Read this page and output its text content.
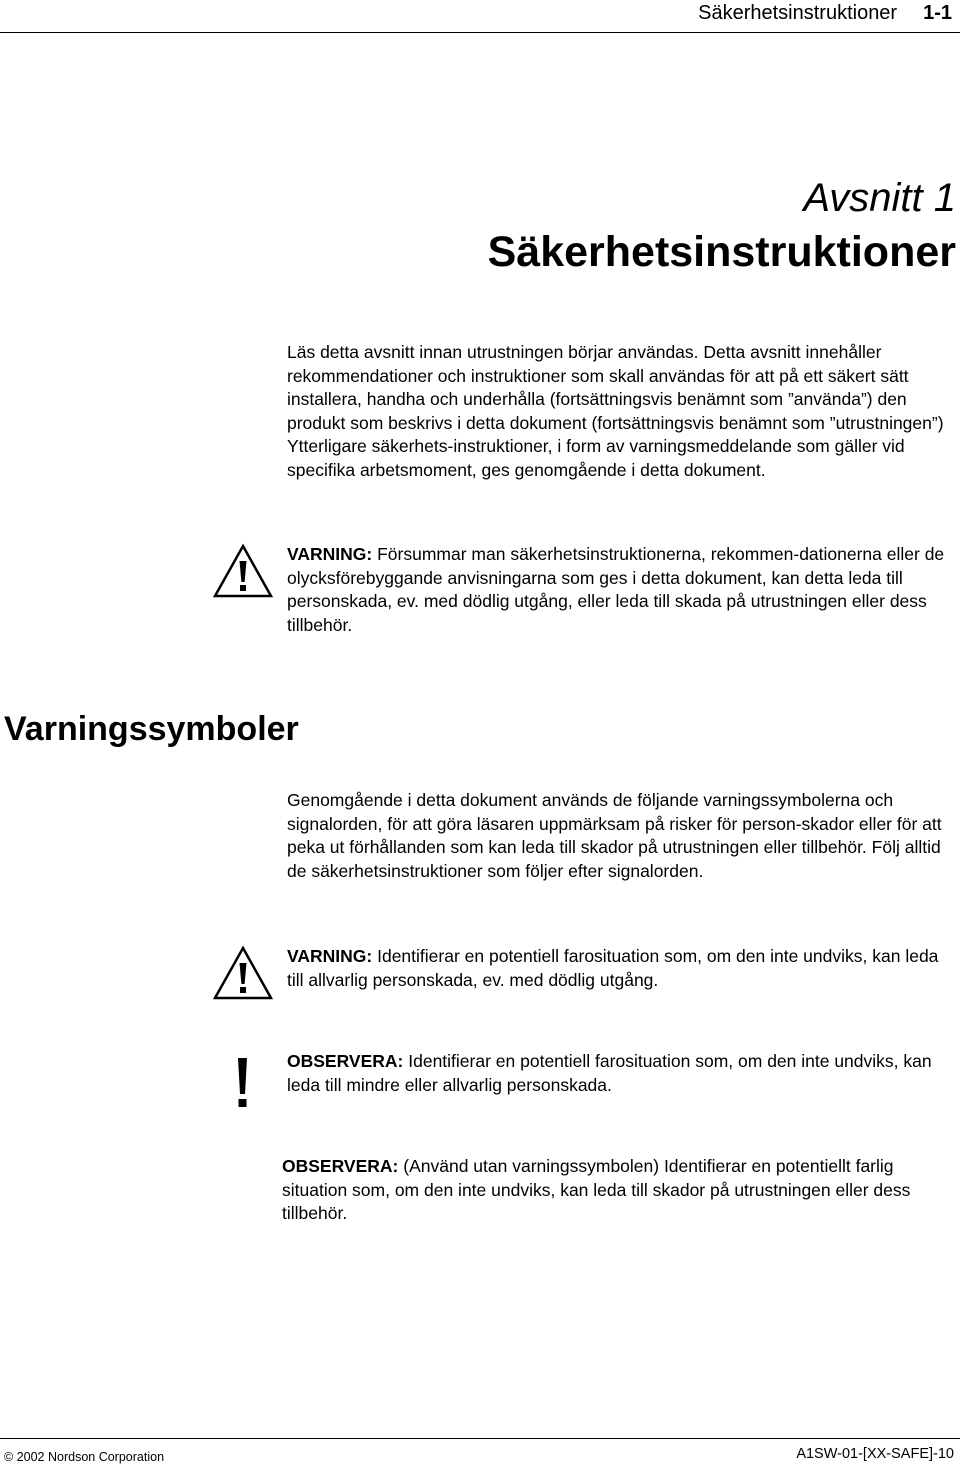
Säkerhetsinstruktioner 1-1
Avsnitt 1
Säkerhetsinstruktioner
Läs detta avsnitt innan utrustningen börjar användas. Detta avsnitt innehåller rekommendationer och instruktioner som skall användas för att på ett säkert sätt installera, handha och underhålla (fortsättningsvis benämnt som ”använda”) den produkt som beskrivs i detta dokument (fortsättningsvis benämnt som ”utrustningen”) Ytterligare säkerhets-instruktioner, i form av varningsmeddelande som gäller vid specifika arbetsmoment, ges genomgående i detta dokument.
VARNING: Försummar man säkerhetsinstruktionerna, rekommen-dationerna eller de olycksförebyggande anvisningarna som ges i detta dokument, kan detta leda till personskada, ev. med dödlig utgång, eller leda till skada på utrustningen eller dess tillbehör.
Varningssymboler
Genomgående i detta dokument används de följande varningssymbolerna och signalorden, för att göra läsaren uppmärksam på risker för person-skador eller för att peka ut förhållanden som kan leda till skador på utrustningen eller tillbehör. Följ alltid de säkerhetsinstruktioner som följer efter signalorden.
VARNING: Identifierar en potentiell farosituation som, om den inte undviks, kan leda till allvarlig personskada, ev. med dödlig utgång.
OBSERVERA: Identifierar en potentiell farosituation som, om den inte undviks, kan leda till mindre eller allvarlig personskada.
OBSERVERA: (Använd utan varningssymbolen) Identifierar en potentiellt farlig situation som, om den inte undviks, kan leda till skador på utrustningen eller dess tillbehör.
© 2002 Nordson Corporation	A1SW-01-[XX-SAFE]-10
